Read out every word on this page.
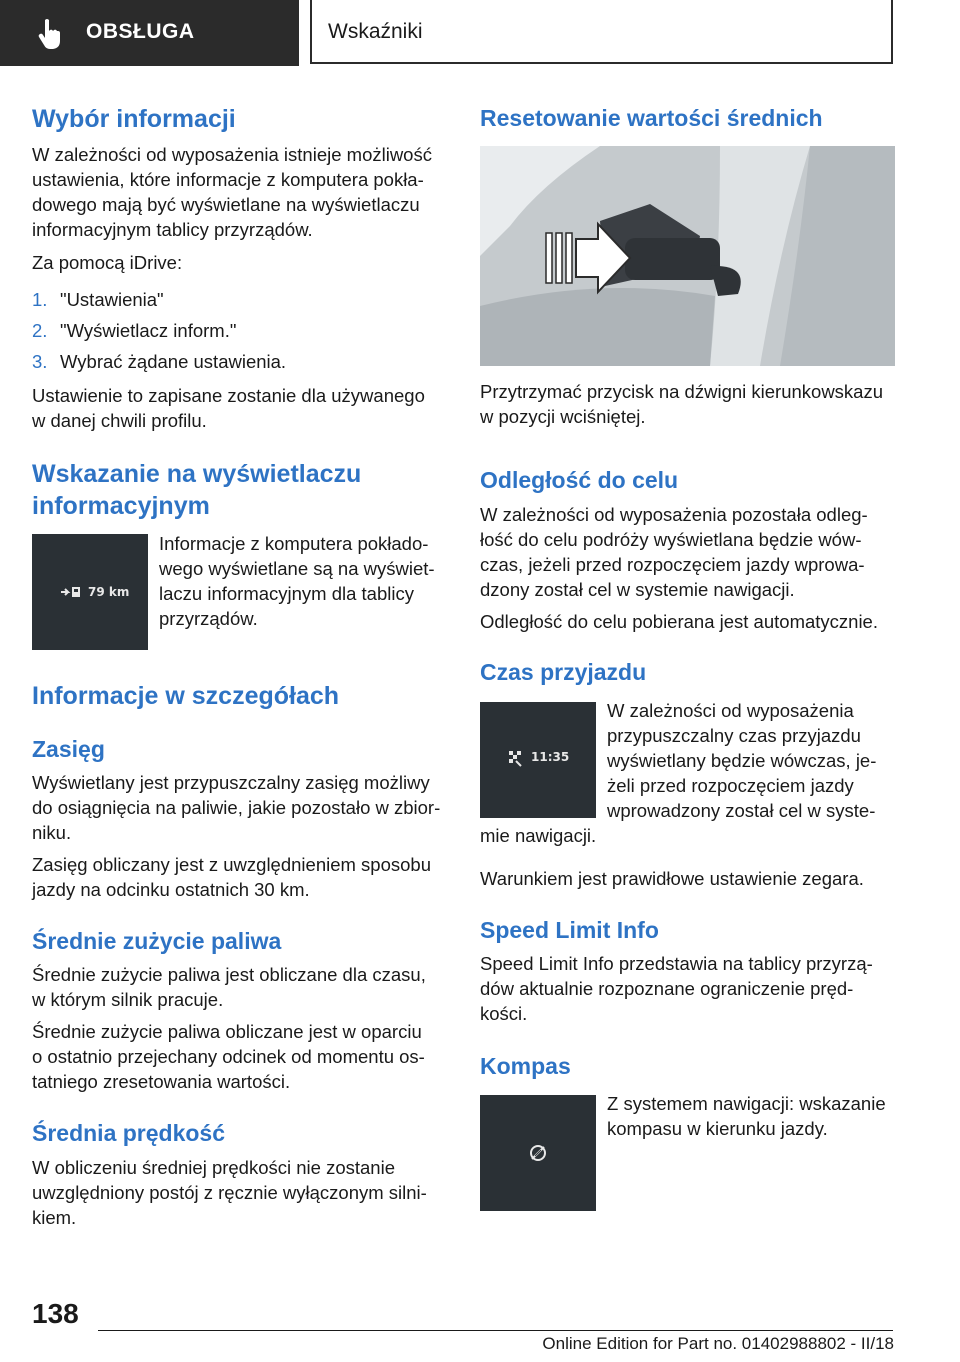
OBSŁUGA	Wskaźniki
Wybór informacji
W zależności od wyposażenia istnieje możliwość
ustawienia, które informacje z komputera pokła-
dowego mają być wyświetlane na wyświetlaczu
informacyjnym tablicy przyrządów.
Za pomocą iDrive:
1. "Ustawienia"
2. "Wyświetlacz inform."
3. Wybrać żądane ustawienia.
Ustawienie to zapisane zostanie dla używanego
w danej chwili profilu.
Wskazanie na wyświetlaczu
informacyjnym
79 km
Informacje z komputera pokłado-
wego wyświetlane są na wyświet-
laczu informacyjnym dla tablicy
przyrządów.
Informacje w szczegółach
Zasięg
Wyświetlany jest przypuszczalny zasięg możliwy
do osiągnięcia na paliwie, jakie pozostało w zbior-
niku.
Zasięg obliczany jest z uwzględnieniem sposobu
jazdy na odcinku ostatnich 30 km.
Średnie zużycie paliwa
Średnie zużycie paliwa jest obliczane dla czasu,
w którym silnik pracuje.
Średnie zużycie paliwa obliczane jest w oparciu
o ostatnio przejechany odcinek od momentu os-
tatniego zresetowania wartości.
Średnia prędkość
W obliczeniu średniej prędkości nie zostanie
uwzględniony postój z ręcznie wyłączonym silni-
kiem.
Resetowanie wartości średnich
Przytrzymać przycisk na dźwigni kierunkowskazu
w pozycji wciśniętej.
Odległość do celu
W zależności od wyposażenia pozostała odleg-
łość do celu podróży wyświetlana będzie wów-
czas, jeżeli przed rozpoczęciem jazdy wprowa-
dzony został cel w systemie nawigacji.
Odległość do celu pobierana jest automatycznie.
Czas przyjazdu
11:35
W zależności od wyposażenia
przypuszczalny czas przyjazdu
wyświetlany będzie wówczas, je-
żeli przed rozpoczęciem jazdy
wprowadzony został cel w syste-
mie nawigacji.
Warunkiem jest prawidłowe ustawienie zegara.
Speed Limit Info
Speed Limit Info przedstawia na tablicy przyrzą-
dów aktualnie rozpoznane ograniczenie pręd-
kości.
Kompas
Z systemem nawigacji: wskazanie
kompasu w kierunku jazdy.
138
Online Edition for Part no. 01402988802 - II/18
